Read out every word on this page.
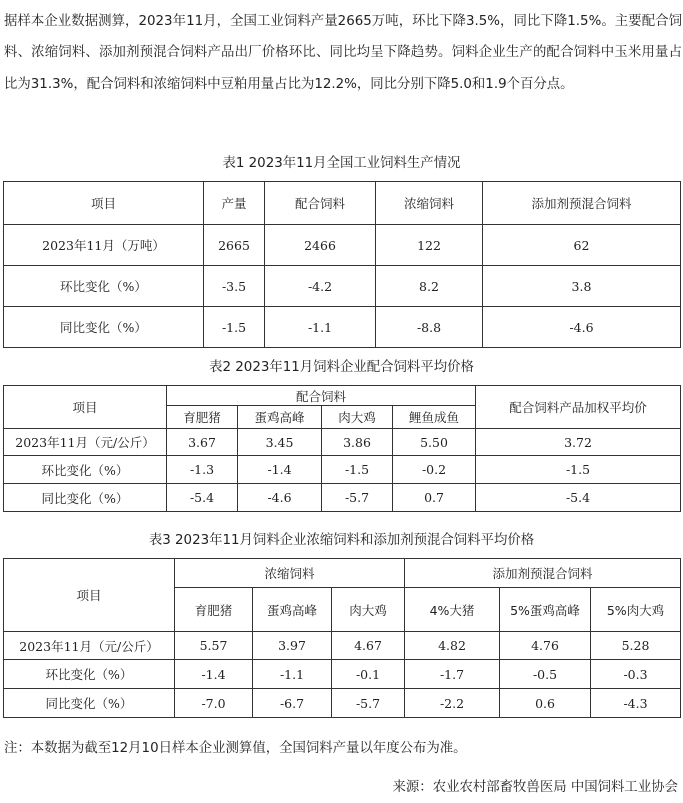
据样本企业数据测算，2023年11月，全国工业饲料产量2665万吨，环比下降3.5%，同比下降1.5%。主要配合饲料、浓缩饲料、添加剂预混合饲料产品出厂价格环比、同比均呈下降趋势。饲料企业生产的配合饲料中玉米用量占比为31.3%，配合饲料和浓缩饲料中豆粕用量占比为12.2%，同比分别下降5.0和1.9个百分点。

表1 2023年11月全国工业饲料生产情况
项目	产量	配合饲料	浓缩饲料	添加剂预混合饲料
2023年11月（万吨）	2665	2466	122	62
环比变化（%）	-3.5	-4.2	8.2	3.8
同比变化（%）	-1.5	-1.1	-8.8	-4.6
表2 2023年11月饲料企业配合饲料平均价格
项目	配合饲料				配合饲料产品加权平均价
	育肥猪	蛋鸡高峰	肉大鸡	鲤鱼成鱼	
2023年11月（元/公斤）	3.67	3.45	3.86	5.50	3.72
环比变化（%）	-1.3	-1.4	-1.5	-0.2	-1.5
同比变化（%）	-5.4	-4.6	-5.7	0.7	-5.4
表3 2023年11月饲料企业浓缩饲料和添加剂预混合饲料平均价格
项目	浓缩饲料			添加剂预混合饲料		
	育肥猪	蛋鸡高峰	肉大鸡	4%大猪	5%蛋鸡高峰	5%肉大鸡
2023年11月（元/公斤）	5.57	3.97	4.67	4.82	4.76	5.28
环比变化（%）	-1.4	-1.1	-0.1	-1.7	-0.5	-0.3
同比变化（%）	-7.0	-6.7	-5.7	-2.2	0.6	-4.3
注：本数据为截至12月10日样本企业测算值，全国饲料产量以年度公布为准。
来源：农业农村部畜牧兽医局 中国饲料工业协会
